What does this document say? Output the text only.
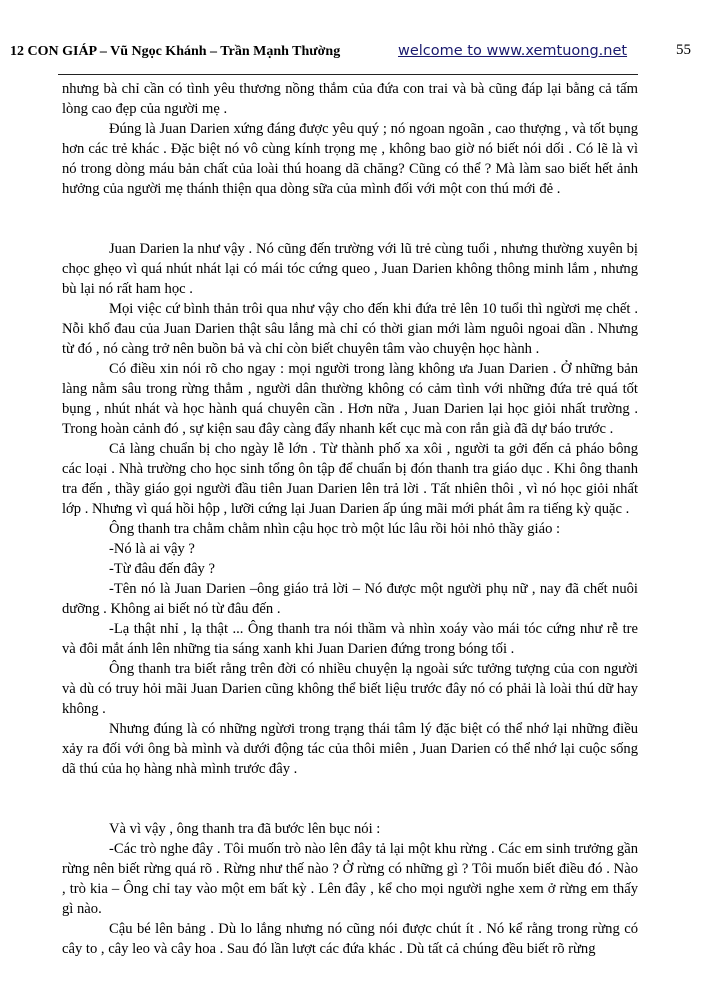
12 CON GIÁP – Vũ Ngọc Khánh – Trần Mạnh Thường	welcome to www.xemtuong.net	55

nhưng bà chỉ cần có tình yêu thương nồng thắm của đứa con trai và bà cũng đáp lại bằng cả tấm lòng cao đẹp của người mẹ .

Đúng là Juan Darien xứng đáng được yêu quý ; nó ngoan ngoãn , cao thượng , và tốt bụng hơn các trẻ khác . Đặc biệt nó vô cùng kính trọng mẹ , không bao giờ nó biết nói dối . Có lẽ là vì nó trong dòng máu bản chất của loài thú hoang dã chăng? Cũng có thể ? Mà làm sao biết hết ảnh hưởng của người mẹ thánh thiện qua dòng sữa của mình đối với một con thú mới đẻ .

Juan Darien la như vậy . Nó cũng đến trường với lũ trẻ cùng tuổi , nhưng thường xuyên bị chọc ghẹo vì quá nhút nhát lại có mái tóc cứng queo , Juan Darien không thông minh lắm , nhưng bù lại nó rất ham học .

Mọi việc cứ bình thản trôi qua như vậy cho đến khi đứa trẻ lên 10 tuổi thì ngừơi mẹ chết . Nỗi khổ đau của Juan Darien thật sâu lắng mà chỉ có thời gian mới làm nguôi ngoai dần . Nhưng từ đó , nó càng trở nên buồn bả và chỉ còn biết chuyên tâm vào chuyện học hành .

Có điều xin nói rõ cho ngay : mọi người trong làng không ưa Juan Darien . Ở những bản làng nằm sâu trong rừng thẳm , người dân thường không có cảm tình với những đứa trẻ quá tốt bụng , nhút nhát và học hành quá chuyên cần . Hơn nữa , Juan Darien lại học giỏi nhất trường . Trong hoàn cảnh đó , sự kiện sau đây càng đẩy nhanh kết cục mà con rắn già đã dự báo trước .

Cả làng chuẩn bị cho ngày lễ lớn . Từ thành phố xa xôi , người ta gởi đến cả pháo bông các loại . Nhà trường cho học sinh tổng ôn tập để chuẩn bị đón thanh tra giáo dục . Khi ông thanh tra đến , thầy giáo gọi người đầu tiên Juan Darien lên trả lời . Tất nhiên thôi , vì nó học giỏi nhất lớp . Nhưng vì quá hồi hộp , lưỡi cứng lại Juan Darien ấp úng mãi mới phát âm ra tiếng kỳ quặc .

Ông thanh tra chằm chằm nhìn cậu học trò một lúc lâu rồi hỏi nhỏ thầy giáo :

-Nó là ai vậy ?

-Từ đâu đến đây ?

-Tên nó là Juan Darien –ông giáo trả lời – Nó được một người phụ nữ , nay đã chết nuôi dưỡng . Không ai biết nó từ đâu đến .

-Lạ thật nhỉ , lạ thật ... Ông thanh tra nói thầm và nhìn xoáy vào mái tóc cứng như rễ tre và đôi mắt ánh lên những tia sáng xanh khi Juan Darien đứng trong bóng tối .

Ông thanh tra biết rằng trên đời có nhiều chuyện lạ ngoài sức tưởng tượng của con người và dù có truy hỏi mãi Juan Darien cũng không thể biết liệu trước đây nó có phải là loài thú dữ hay không .

Nhưng đúng là có những ngừơi trong trạng thái tâm lý đặc biệt có thể nhớ lại những điều xảy ra đối với ông bà mình và dưới động tác của thôi miên , Juan Darien có thể nhớ lại cuộc sống dã thú của họ hàng nhà mình trước đây .

Và vì vậy , ông thanh tra đã bước lên bục nói :

-Các trò nghe đây . Tôi muốn trò nào lên đây tả lại một khu rừng . Các em sinh trưởng gần rừng nên biết rừng quá rõ . Rừng như thế nào ? Ở rừng có những gì ? Tôi muốn biết điều đó . Nào , trò kia – Ông chỉ tay vào một em bất kỳ . Lên đây , kể cho mọi người nghe xem ở rừng em thấy gì nào.

Cậu bé lên bảng . Dù lo lắng nhưng nó cũng nói được chút ít . Nó kể rằng trong rừng có cây to , cây leo và cây hoa . Sau đó lần lượt các đứa khác . Dù tất cả chúng đều biết rõ rừng
